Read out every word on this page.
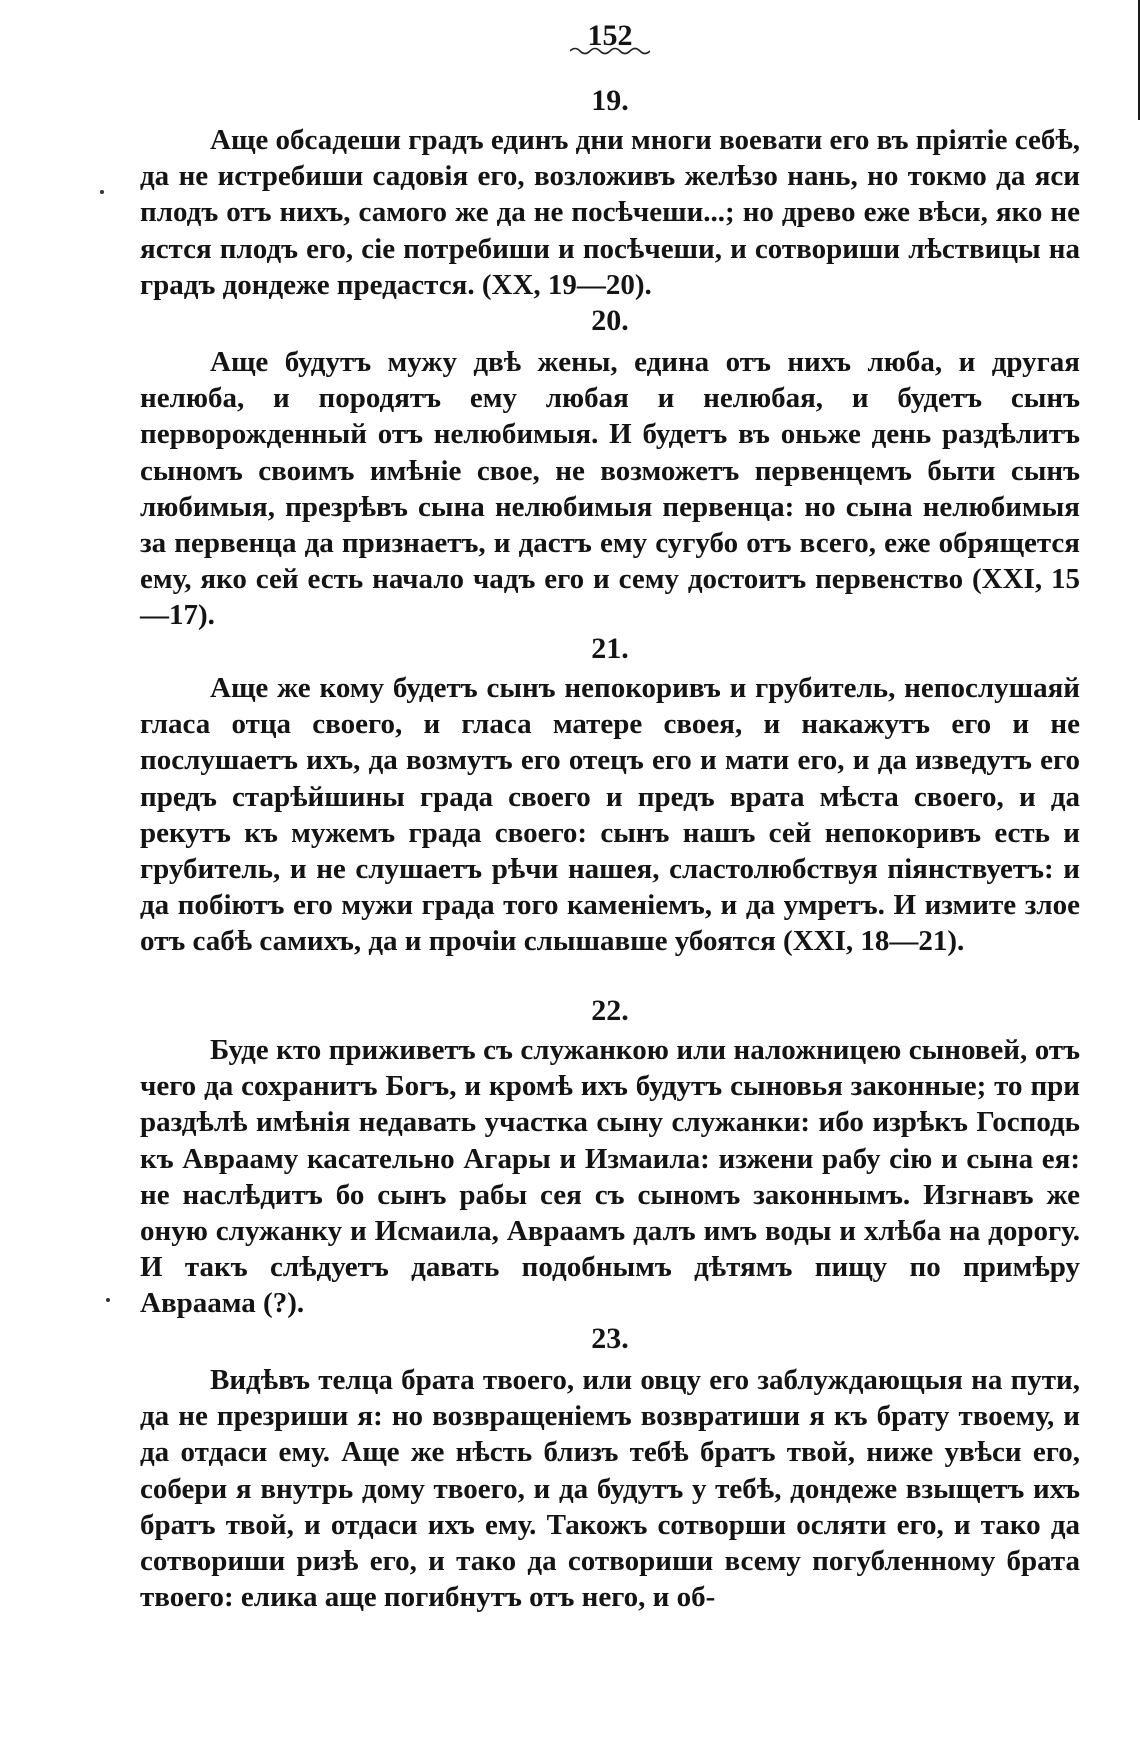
152
19.
Аще обсадеши градъ единъ дни многи воевати его въ пріятіе себѣ, да не истребиши садовія его, возложивъ желѣзо нань, но токмо да яси плодъ отъ нихъ, самого же да не посѣчеши...; но древо еже вѣси, яко не ястся плодъ его, сіе потребиши и посѣчеши, и сотвориши лѣствицы на градъ дондеже предастся. (XX, 19—20).
20.
Аще будутъ мужу двѣ жены, едина отъ нихъ люба, и другая нелюба, и породятъ ему любая и нелюбая, и будетъ сынъ перворожденный отъ нелюбимыя. И будетъ въ оньже день раздѣлитъ сыномъ своимъ имѣніе свое, не возможетъ первенцемъ быти сынъ любимыя, презрѣвъ сына нелюбимыя первенца: но сына нелюбимыя за первенца да признаетъ, и дастъ ему сугубо отъ всего, еже обрящется ему, яко сей есть начало чадъ его и сему достоитъ первенство (XXI, 15—17).
21.
Аще же кому будетъ сынъ непокоривъ и грубитель, непослушаяй гласа отца своего, и гласа матере своея, и накажутъ его и не послушаетъ ихъ, да возмутъ его отецъ его и мати его, и да изведутъ его предъ старѣйшины града своего и предъ врата мѣста своего, и да рекутъ къ мужемъ града своего: сынъ нашъ сей непокоривъ есть и грубитель, и не слушаетъ рѣчи нашея, сластолюбствуя піянствуетъ: и да побіютъ его мужи града того каменіемъ, и да умретъ. И измите злое отъ сабѣ самихъ, да и прочіи слышавше убоятся (XXI, 18—21).
22.
Буде кто приживетъ съ служанкою или наложницею сыновей, отъ чего да сохранитъ Богъ, и кромѣ ихъ будутъ сыновья законные; то при раздѣлѣ имѣнія недавать участка сыну служанки: ибо изрѣкъ Господь къ Аврааму касательно Агары и Измаила: изжени рабу сію и сына ея: не наслѣдитъ бо сынъ рабы сея съ сыномъ законнымъ. Изгнавъ же оную служанку и Исмаила, Авраамъ далъ имъ воды и хлѣба на дорогу. И такъ слѣдуетъ давать подобнымъ дѣтямъ пищу по примѣру Авраама (?).
23.
Видѣвъ телца брата твоего, или овцу его заблуждающыя на пути, да не презриши я: но возвращеніемъ возвратиши я къ брату твоему, и да отдаси ему. Аще же нѣсть близъ тебѣ братъ твой, ниже увѣси его, собери я внутрь дому твоего, и да будутъ у тебѣ, дондеже взыщетъ ихъ братъ твой, и отдаси ихъ ему. Такожъ сотворши осляти его, и тако да сотвориши ризѣ его, и тако да сотвориши всему погубленному брата твоего: елика аще погибнутъ отъ него, и об-
